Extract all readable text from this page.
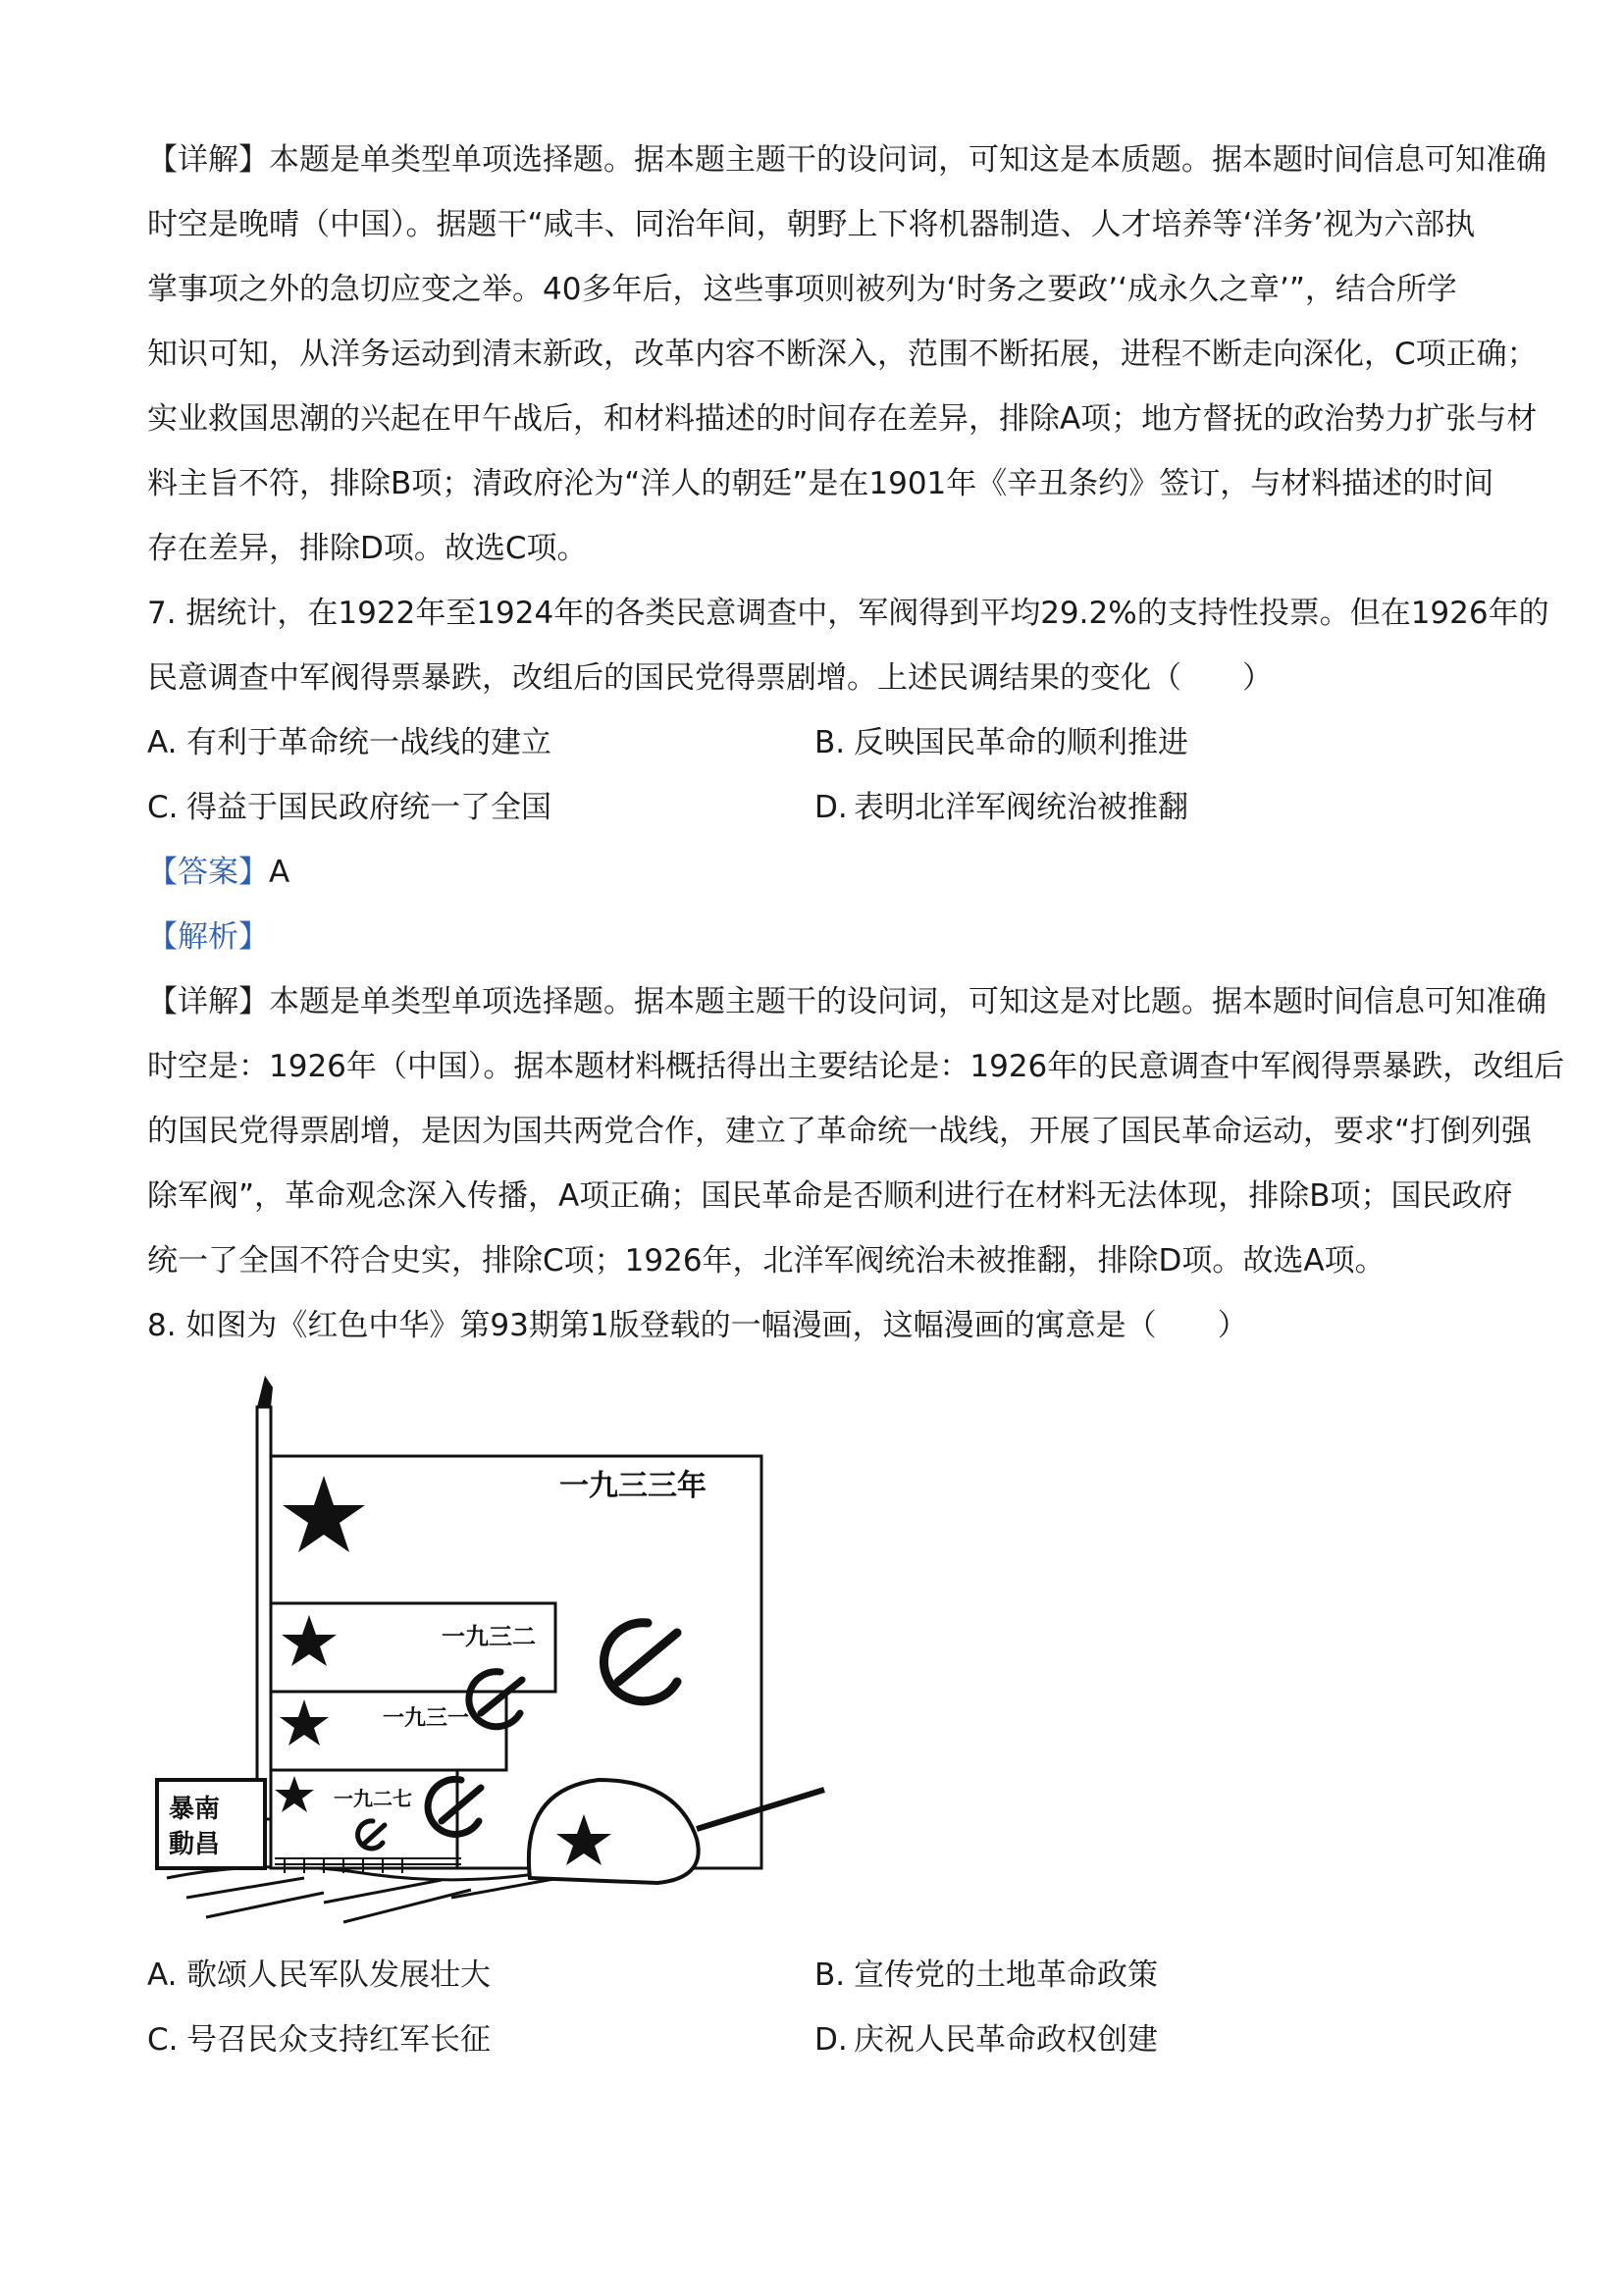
【详解】本题是单类型单项选择题。据本题主题干的设问词，可知这是本质题。据本题时间信息可知准确
时空是晚晴（中国）。据题干“咸丰、同治年间，朝野上下将机器制造、人才培养等‘洋务’视为六部执
掌事项之外的急切应变之举。40多年后，这些事项则被列为‘时务之要政’‘成永久之章’”，结合所学
知识可知，从洋务运动到清末新政，改革内容不断深入，范围不断拓展，进程不断走向深化，C项正确；
实业救国思潮的兴起在甲午战后，和材料描述的时间存在差异，排除A项；地方督抚的政治势力扩张与材
料主旨不符，排除B项；清政府沦为“洋人的朝廷”是在1901年《辛丑条约》签订，与材料描述的时间
存在差异，排除D项。故选C项。
7. 据统计，在1922年至1924年的各类民意调查中，军阀得到平均29.2%的支持性投票。但在1926年的
民意调查中军阀得票暴跌，改组后的国民党得票剧增。上述民调结果的变化（　　）
A. 有利于革命统一战线的建立	B. 反映国民革命的顺利推进
C. 得益于国民政府统一了全国	D. 表明北洋军阀统治被推翻
【答案】A
【解析】
【详解】本题是单类型单项选择题。据本题主题干的设问词，可知这是对比题。据本题时间信息可知准确
时空是：1926年（中国）。据本题材料概括得出主要结论是：1926年的民意调查中军阀得票暴跌，改组后
的国民党得票剧增，是因为国共两党合作，建立了革命统一战线，开展了国民革命运动，要求“打倒列强
除军阀”，革命观念深入传播，A项正确；国民革命是否顺利进行在材料无法体现，排除B项；国民政府
统一了全国不符合史实，排除C项；1926年，北洋军阀统治未被推翻，排除D项。故选A项。
8. 如图为《红色中华》第93期第1版登载的一幅漫画，这幅漫画的寓意是（　　）
一九三三年
一九三二
一九三一
一九二七
暴南
動昌
A. 歌颂人民军队发展壮大	B. 宣传党的土地革命政策
C. 号召民众支持红军长征	D. 庆祝人民革命政权创建
